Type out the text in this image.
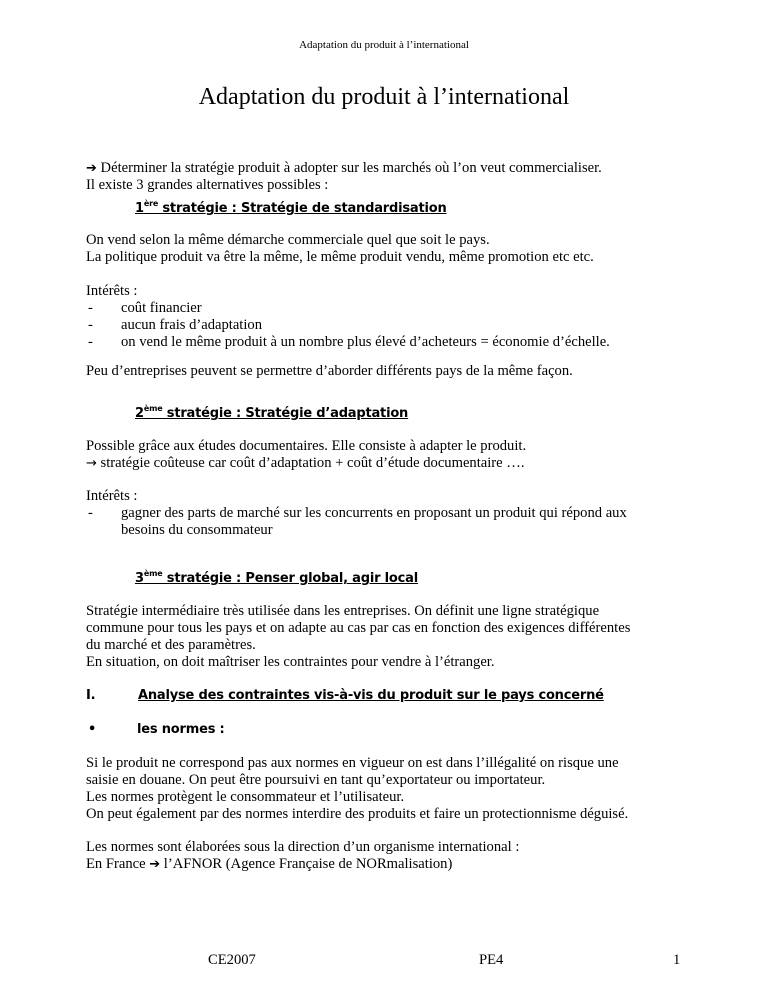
Adaptation du produit à l’international
Adaptation du produit à l’international
➔ Déterminer la stratégie produit à adopter sur les marchés où l’on veut commercialiser.
Il existe 3 grandes alternatives possibles :
1ère stratégie : Stratégie de standardisation
On vend selon la même démarche commerciale quel que soit le pays.
La politique produit va être la même, le même produit vendu, même promotion etc etc.
Intérêts :
-	coût financier
-	aucun frais d’adaptation
-	on vend le même produit à un nombre plus élevé d’acheteurs = économie d’échelle.
Peu d’entreprises peuvent se permettre d’aborder différents pays de la même façon.
2ème stratégie : Stratégie d’adaptation
Possible grâce aux études documentaires. Elle consiste à adapter le produit.
→ stratégie coûteuse car coût d’adaptation + coût d’étude documentaire ….
Intérêts :
-	gagner des parts de marché sur les concurrents en proposant un produit qui répond aux
besoins du consommateur
3ème stratégie : Penser global, agir local
Stratégie intermédiaire très utilisée dans les entreprises. On définit une ligne stratégique
commune pour tous les pays et on adapte au cas par cas en fonction des exigences différentes
du marché et des paramètres.
En situation, on doit maîtriser les contraintes pour vendre à l’étranger.
I.	Analyse des contraintes vis-à-vis du produit sur le pays concerné
•	les normes :
Si le produit ne correspond pas aux normes en vigueur on est dans l’illégalité on risque une
saisie en douane. On peut être poursuivi en tant qu’exportateur ou importateur.
Les normes protègent le consommateur et l’utilisateur.
On peut également par des normes interdire des produits et faire un protectionnisme déguisé.
Les normes sont élaborées sous la direction d’un organisme international :
En France ➔ l’AFNOR (Agence Française de NORmalisation)
CE2007	PE4	1
